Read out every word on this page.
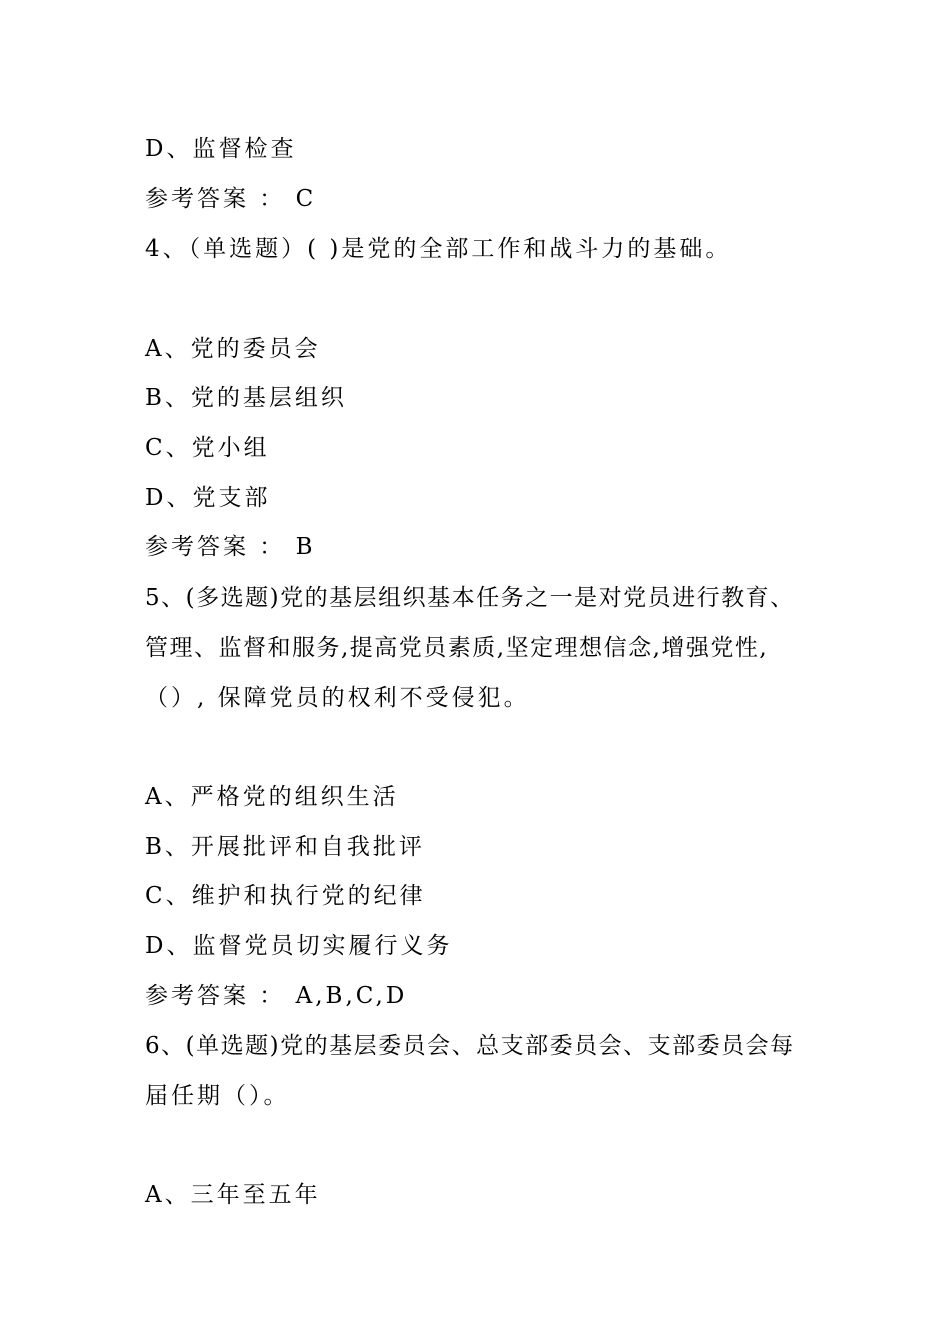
D、监督检查
参考答案 ： C
4、（单选题）( )是党的全部工作和战斗力的基础。
A、党的委员会
B、党的基层组织
C、党小组
D、党支部
参考答案 ： B
5、(多选题)党的基层组织基本任务之一是对党员进行教育、
管理、监督和服务,提高党员素质,坚定理想信念,增强党性,
（）, 保障党员的权利不受侵犯。
A、严格党的组织生活
B、开展批评和自我批评
C、维护和执行党的纪律
D、监督党员切实履行义务
参考答案 ： A,B,C,D
6、(单选题)党的基层委员会、总支部委员会、支部委员会每
届任期（）。
A、三年至五年
